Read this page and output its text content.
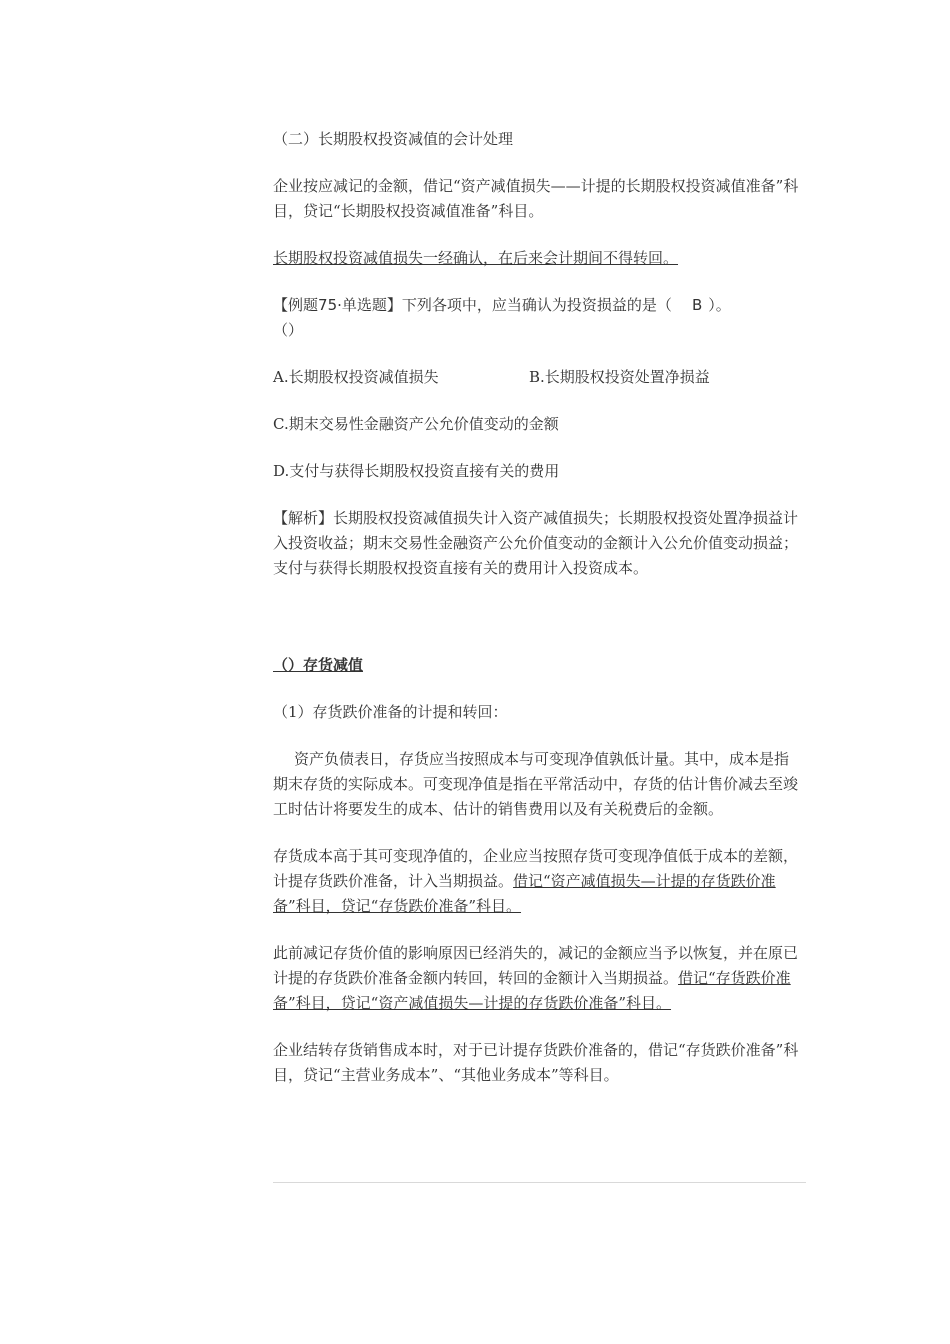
（二）长期股权投资减值的会计处理

企业按应减记的金额，借记“资产减值损失——计提的长期股权投资减值准备”科目，贷记“长期股权投资减值准备”科目。

长期股权投资减值损失一经确认，在后来会计期间不得转回。

【例题75·单选题】下列各项中，应当确认为投资损益的是（ B ）。

（）

A.长期股权投资减值损失	B.长期股权投资处置净损益

C.期末交易性金融资产公允价值变动的金额

D.支付与获得长期股权投资直接有关的费用

【解析】长期股权投资减值损失计入资产减值损失；长期股权投资处置净损益计入投资收益；期末交易性金融资产公允价值变动的金额计入公允价值变动损益；支付与获得长期股权投资直接有关的费用计入投资成本。

（）存货减值

（1）存货跌价准备的计提和转回：

资产负债表日，存货应当按照成本与可变现净值孰低计量。其中，成本是指期末存货的实际成本。可变现净值是指在平常活动中，存货的估计售价减去至竣工时估计将要发生的成本、估计的销售费用以及有关税费后的金额。

存货成本高于其可变现净值的，企业应当按照存货可变现净值低于成本的差额，计提存货跌价准备，计入当期损益。借记“资产减值损失—计提的存货跌价准备”科目，贷记“存货跌价准备”科目。

此前减记存货价值的影响原因已经消失的，减记的金额应当予以恢复，并在原已计提的存货跌价准备金额内转回，转回的金额计入当期损益。借记“存货跌价准备”科目，贷记“资产减值损失—计提的存货跌价准备”科目。

企业结转存货销售成本时，对于已计提存货跌价准备的，借记“存货跌价准备”科目，贷记“主营业务成本”、“其他业务成本”等科目。
